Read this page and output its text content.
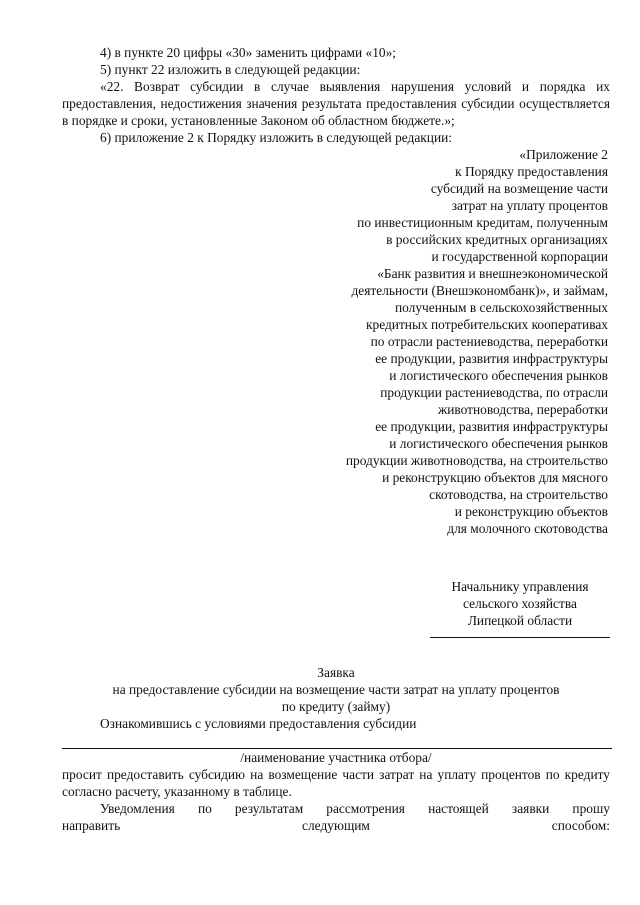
4) в пункте 20 цифры «30» заменить цифрами «10»;

5) пункт 22 изложить в следующей редакции:

«22. Возврат субсидии в случае выявления нарушения условий и порядка их предоставления, недостижения значения результата предоставления субсидии осуществляется в порядке и сроки, установленные Законом об областном бюджете.»;

6) приложение 2 к Порядку изложить в следующей редакции:

«Приложение 2
к Порядку предоставления
субсидий на возмещение части
затрат на уплату процентов
по инвестиционным кредитам, полученным
в российских кредитных организациях
и государственной корпорации
«Банк развития и внешнеэкономической
деятельности (Внешэкономбанк)», и займам,
полученным в сельскохозяйственных
кредитных потребительских кооперативах
по отрасли растениеводства, переработки
ее продукции, развития инфраструктуры
и логистического обеспечения рынков
продукции растениеводства, по отрасли
животноводства, переработки
ее продукции, развития инфраструктуры
и логистического обеспечения рынков
продукции животноводства, на строительство
и реконструкцию объектов для мясного
скотоводства, на строительство
и реконструкцию объектов
для молочного скотоводства
Начальнику управления
сельского хозяйства
Липецкой области
Заявка
на предоставление субсидии на возмещение части затрат на уплату процентов
по кредиту (займу)

Ознакомившись с условиями предоставления субсидии

/наименование участника отбора/

просит предоставить субсидию на возмещение части затрат на уплату процентов по кредиту согласно расчету, указанному в таблице.

Уведомления по результатам рассмотрения настоящей заявки прошу

направить следующим способом:
